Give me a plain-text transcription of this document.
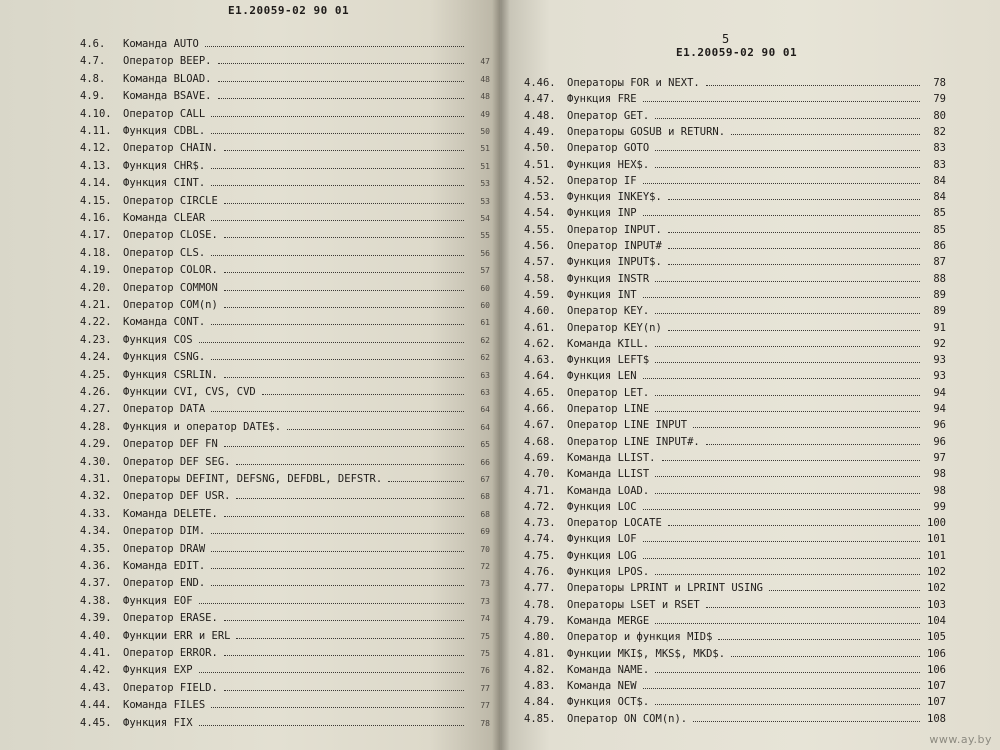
E1.20059-02 90 01
4.6.	Команда AUTO
4.7.	Оператор BEEP.	47
4.8.	Команда BLOAD.	48
4.9.	Команда BSAVE.	48
4.10.	Оператор CALL	49
4.11.	Функция CDBL.	50
4.12.	Оператор CHAIN.	51
4.13.	Функция CHR$.	51
4.14.	Функция CINT.	53
4.15.	Оператор CIRCLE	53
4.16.	Команда CLEAR	54
4.17.	Оператор CLOSE.	55
4.18.	Оператор CLS.	56
4.19.	Оператор COLOR.	57
4.20.	Оператор COMMON	60
4.21.	Оператор COM(n)	60
4.22.	Команда CONT.	61
4.23.	Функция COS	62
4.24.	Функция CSNG.	62
4.25.	Функция CSRLIN.	63
4.26.	Функции CVI, CVS, CVD	63
4.27.	Оператор DATA	64
4.28.	Функция и оператор DATE$.	64
4.29.	Оператор DEF FN	65
4.30.	Оператор DEF SEG.	66
4.31.	Операторы DEFINT, DEFSNG, DEFDBL, DEFSTR.	67
4.32.	Оператор DEF USR.	68
4.33.	Команда DELETE.	68
4.34.	Оператор DIM.	69
4.35.	Оператор DRAW	70
4.36.	Команда EDIT.	72
4.37.	Оператор END.	73
4.38.	Функция EOF	73
4.39.	Оператор ERASE.	74
4.40.	Функции ERR и ERL	75
4.41.	Оператор ERROR.	75
4.42.	Функция EXP	76
4.43.	Оператор FIELD.	77
4.44.	Команда FILES	77
4.45.	Функция FIX	78
5
E1.20059-02 90 01
4.46.	Операторы FOR и NEXT.	78
4.47.	Функция FRE	79
4.48.	Оператор GET.	80
4.49.	Операторы GOSUB и RETURN.	82
4.50.	Оператор GOTO	83
4.51.	Функция HEX$.	83
4.52.	Оператор IF	84
4.53.	Функция INKEY$.	84
4.54.	Функция INP	85
4.55.	Оператор INPUT.	85
4.56.	Оператор INPUT#	86
4.57.	Функция INPUT$.	87
4.58.	Функция INSTR	88
4.59.	Функция INT	89
4.60.	Оператор KEY.	89
4.61.	Оператор KEY(n)	91
4.62.	Команда KILL.	92
4.63.	Функция LEFT$	93
4.64.	Функция LEN	93
4.65.	Оператор LET.	94
4.66.	Оператор LINE	94
4.67.	Оператор LINE INPUT	96
4.68.	Оператор LINE INPUT#.	96
4.69.	Команда LLIST.	97
4.70.	Команда LLIST	98
4.71.	Команда LOAD.	98
4.72.	Функция LOC	99
4.73.	Оператор LOCATE	100
4.74.	Функция LOF	101
4.75.	Функция LOG	101
4.76.	Функция LPOS.	102
4.77.	Операторы LPRINT и LPRINT USING	102
4.78.	Операторы LSET и RSET	103
4.79.	Команда MERGE	104
4.80.	Оператор и функция MID$	105
4.81.	Функции MKI$, MKS$, MKD$.	106
4.82.	Команда NAME.	106
4.83.	Команда NEW	107
4.84.	Функция OCT$.	107
4.85.	Оператор ON COM(n).	108
www.ay.by
